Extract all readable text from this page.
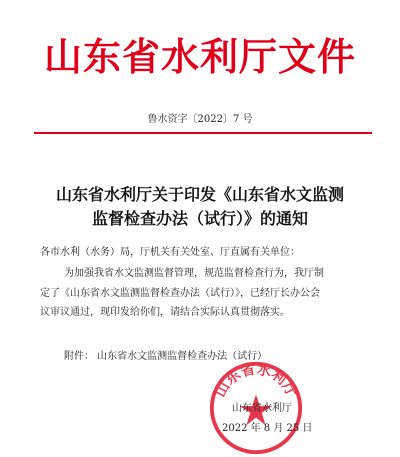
山东省水利厅文件
鲁水资字〔2022〕7 号
山东省水利厅关于印发《山东省水文监测
监督检查办法（试行）》的通知
各市水利（水务）局，厅机关有关处室、厅直属有关单位：
为加强我省水文监测监督管理，规范监督检查行为，我厅制
定了《山东省水文监测监督检查办法（试行）》，已经厅长办公会
议审议通过，现印发给你们，请结合实际认真贯彻落实。
附件： 山东省水文监测监督检查办法（试行）
山东省水利厅
山东省水利厅
2022 年 8 月 25 日
